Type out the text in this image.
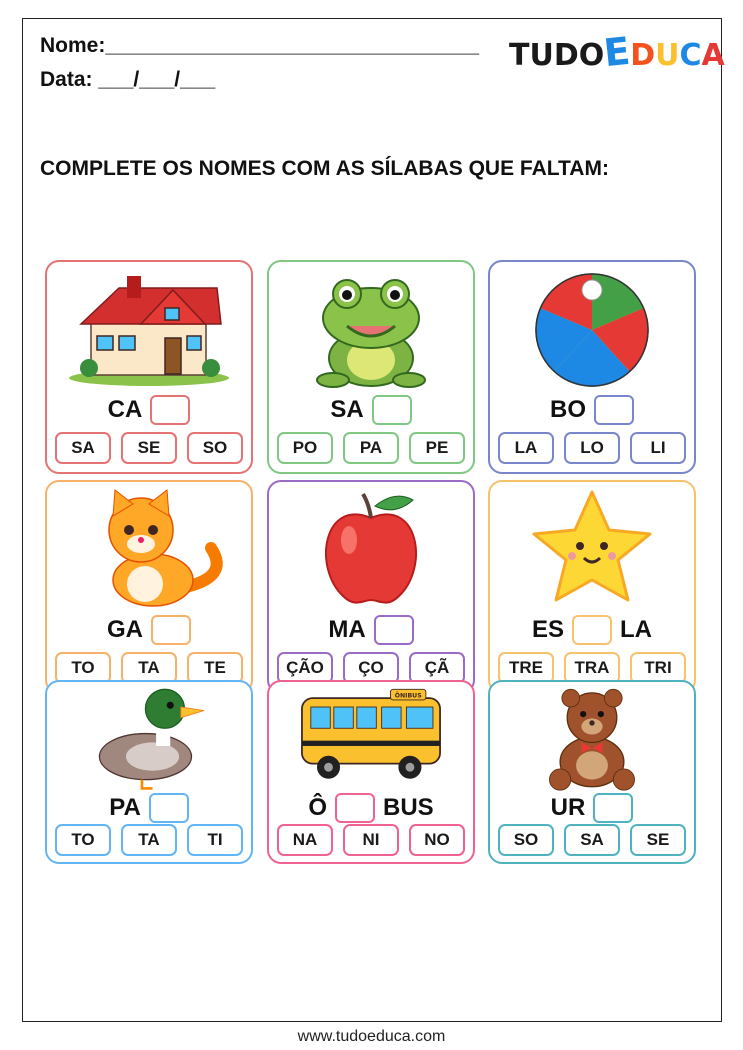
Nome:________________________________
Data: ___/___/___
TUDOEDUCA
COMPLETE OS NOMES COM AS SÍLABAS QUE FALTAM:
CA
SA	SE	SO
SA
PO	PA	PE
BO
LA	LO	LI
GA
TO	TA	TE
MA
ÇÃO	ÇO	ÇÃ
ES LA
TRE	TRA	TRI
PA
TO	TA	TI
ÔNIBUS
Ô BUS
NA	NI	NO
UR
SO	SA	SE
www.tudoeduca.com
